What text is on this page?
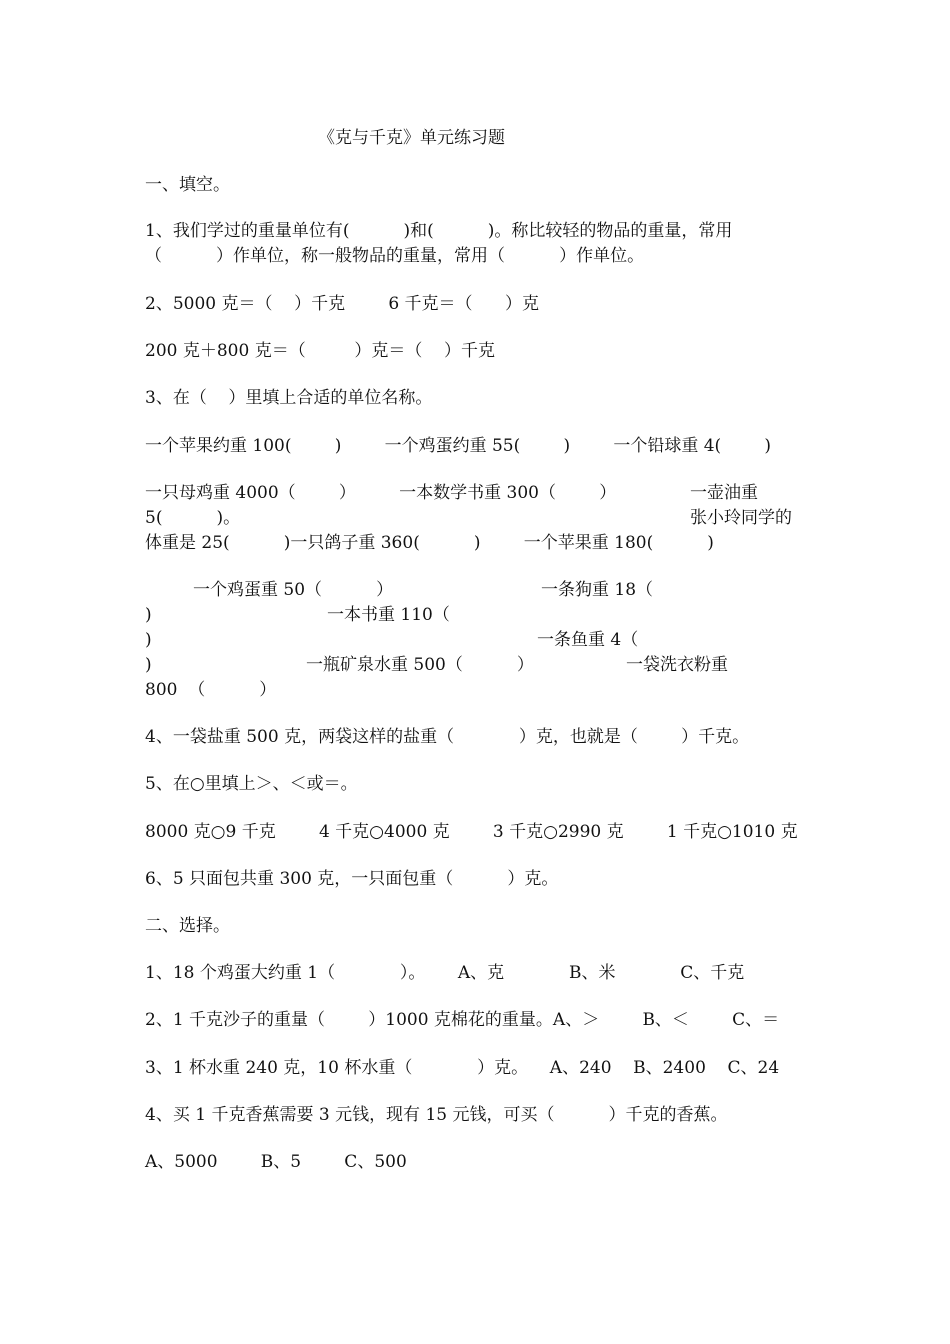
《克与千克》单元练习题
一、填空。
1、我们学过的重量单位有(          )和(          )。称比较轻的物品的重量，常用
（          ）作单位，称一般物品的重量，常用（          ）作单位。
2、5000 克＝（    ）千克        6 千克＝（      ）克
200 克＋800 克＝（         ）克＝（    ）千克
3、在（    ）里填上合适的单位名称。
一个苹果约重 100(        )        一个鸡蛋约重 55(        )        一个铅球重 4(        )
一只母鸡重 4000（        ）        一本数学书重 300（        ）	一壶油重
5(          )。	张小玲同学的
体重是 25(          )一只鸽子重 360(          )        一个苹果重 180(          )
一个鸡蛋重 50（          ）	一条狗重 18（
)	一本书重 110（
)	一条鱼重 4（
)	一瓶矿泉水重 500（          ）	一袋洗衣粉重
800  （          ）
4、一袋盐重 500 克，两袋这样的盐重（            ）克，也就是（        ）千克。
5、在○里填上＞、＜或＝。
8000 克○9 千克        4 千克○4000 克        3 千克○2990 克        1 千克○1010 克
6、5 只面包共重 300 克，一只面包重（          ）克。
二、选择。
1、18 个鸡蛋大约重 1（            ）。      A、克            B、米            C、千克
2、1 千克沙子的重量（        ）1000 克棉花的重量。A、＞        B、＜        C、＝
3、1 杯水重 240 克，10 杯水重（            ）克。    A、240    B、2400    C、24
4、买 1 千克香蕉需要 3 元钱，现有 15 元钱，可买（          ）千克的香蕉。
A、5000        B、5        C、500
